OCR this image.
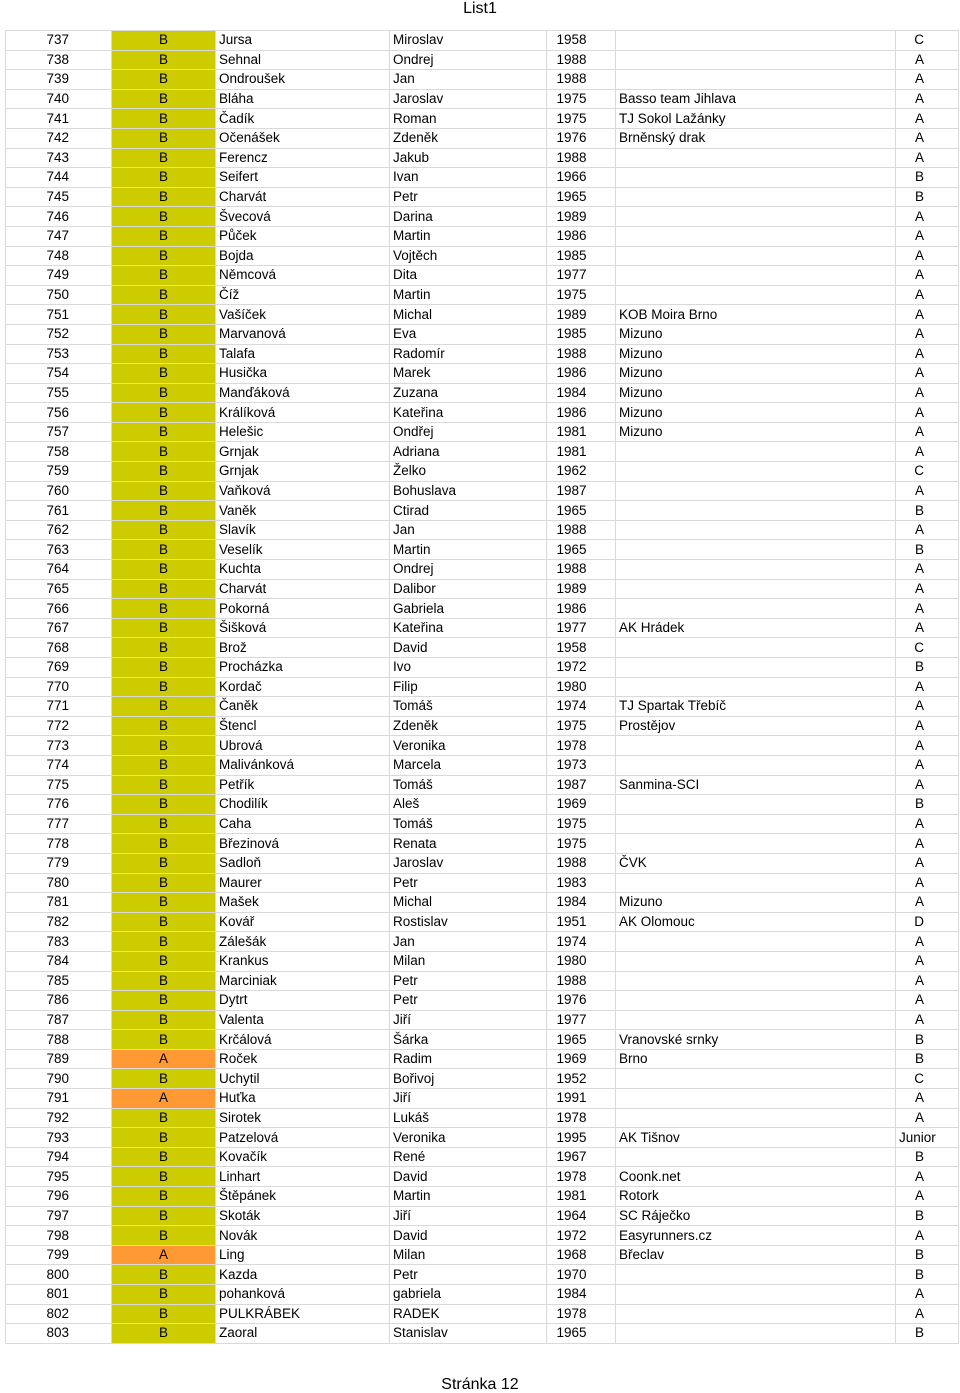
List1
737	B	Jursa	Miroslav	1958		C
738	B	Sehnal	Ondrej	1988		A
739	B	Ondroušek	Jan	1988		A
740	B	Bláha	Jaroslav	1975	Basso team Jihlava	A
741	B	Čadík	Roman	1975	TJ Sokol Lažánky	A
742	B	Očenášek	Zdeněk	1976	Brněnský drak	A
743	B	Ferencz	Jakub	1988		A
744	B	Seifert	Ivan	1966		B
745	B	Charvát	Petr	1965		B
746	B	Švecová	Darina	1989		A
747	B	Půček	Martin	1986		A
748	B	Bojda	Vojtěch	1985		A
749	B	Němcová	Dita	1977		A
750	B	Číž	Martin	1975		A
751	B	Vašíček	Michal	1989	KOB Moira Brno	A
752	B	Marvanová	Eva	1985	Mizuno	A
753	B	Talafa	Radomír	1988	Mizuno	A
754	B	Husička	Marek	1986	Mizuno	A
755	B	Manďáková	Zuzana	1984	Mizuno	A
756	B	Králíková	Kateřina	1986	Mizuno	A
757	B	Helešic	Ondřej	1981	Mizuno	A
758	B	Grnjak	Adriana	1981		A
759	B	Grnjak	Želko	1962		C
760	B	Vaňková	Bohuslava	1987		A
761	B	Vaněk	Ctirad	1965		B
762	B	Slavík	Jan	1988		A
763	B	Veselík	Martin	1965		B
764	B	Kuchta	Ondrej	1988		A
765	B	Charvát	Dalibor	1989		A
766	B	Pokorná	Gabriela	1986		A
767	B	Šišková	Kateřina	1977	AK Hrádek	A
768	B	Brož	David	1958		C
769	B	Procházka	Ivo	1972		B
770	B	Kordač	Filip	1980		A
771	B	Čaněk	Tomáš	1974	TJ Spartak Třebíč	A
772	B	Štencl	Zdeněk	1975	Prostějov	A
773	B	Ubrová	Veronika	1978		A
774	B	Malivánková	Marcela	1973		A
775	B	Petřík	Tomáš	1987	Sanmina-SCI	A
776	B	Chodilík	Aleš	1969		B
777	B	Caha	Tomáš	1975		A
778	B	Březinová	Renata	1975		A
779	B	Sadloň	Jaroslav	1988	ČVK	A
780	B	Maurer	Petr	1983		A
781	B	Mašek	Michal	1984	Mizuno	A
782	B	Kovář	Rostislav	1951	AK Olomouc	D
783	B	Zálešák	Jan	1974		A
784	B	Krankus	Milan	1980		A
785	B	Marciniak	Petr	1988		A
786	B	Dytrt	Petr	1976		A
787	B	Valenta	Jiří	1977		A
788	B	Krčálová	Šárka	1965	Vranovské srnky	B
789	A	Roček	Radim	1969	Brno	B
790	B	Uchytil	Bořivoj	1952		C
791	A	Huťka	Jiří	1991		A
792	B	Sirotek	Lukáš	1978		A
793	B	Patzelová	Veronika	1995	AK Tišnov	Junior
794	B	Kovačík	René	1967		B
795	B	Linhart	David	1978	Coonk.net	A
796	B	Štěpánek	Martin	1981	Rotork	A
797	B	Skoták	Jiří	1964	SC Ráječko	B
798	B	Novák	David	1972	Easyrunners.cz	A
799	A	Ling	Milan	1968	Břeclav	B
800	B	Kazda	Petr	1970		B
801	B	pohanková	gabriela	1984		A
802	B	PULKRÁBEK	RADEK	1978		A
803	B	Zaoral	Stanislav	1965		B
Stránka 12
